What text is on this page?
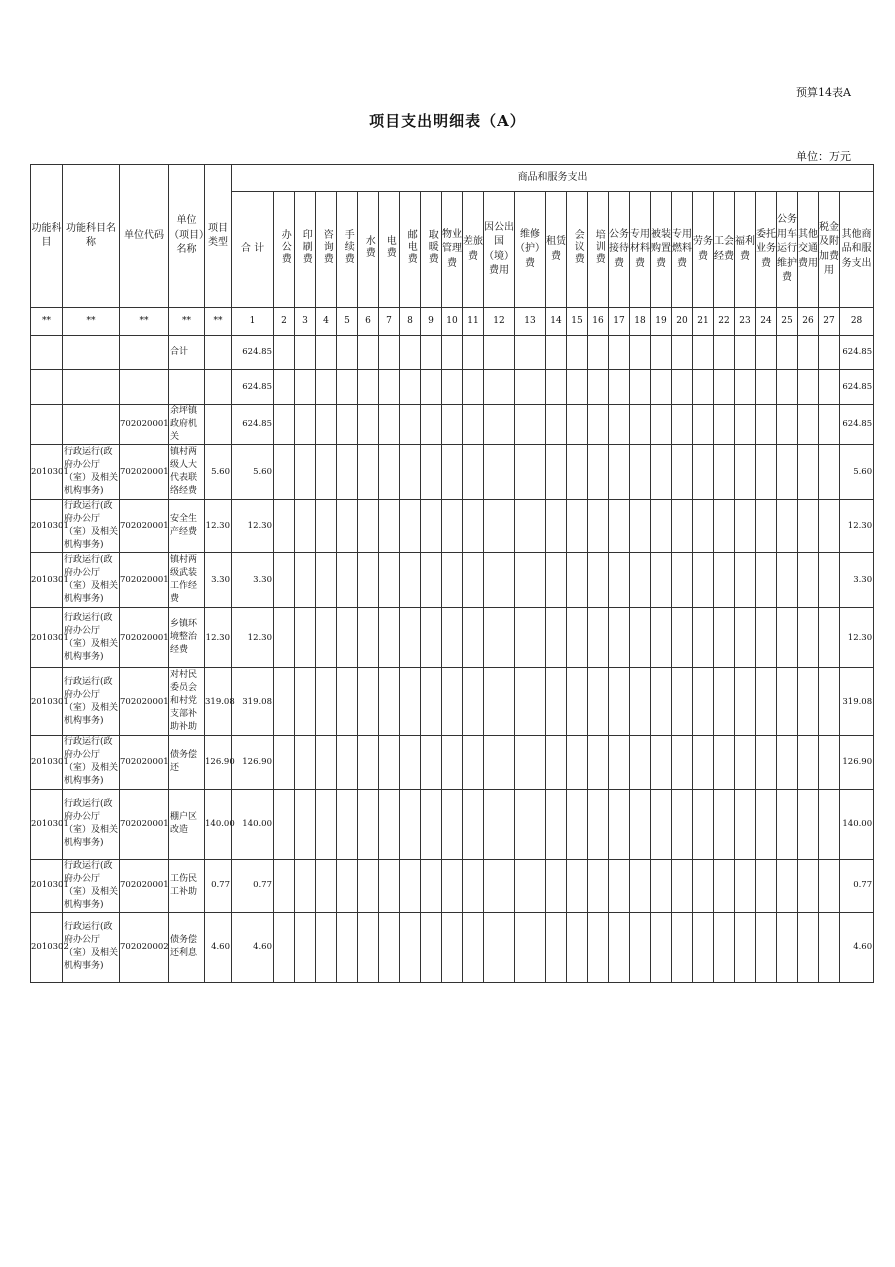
预算14表A
项目支出明细表（A）
单位：万元
功能科目	功能科目名称	单位代码	单位（项目）名称	项目类型	商品和服务支出																											
					合 计	办公费	印刷费	咨询费	手续费	水费	电费	邮电费	取暖费	物业管理费	差旅费	因公出国（境）费用	维修（护）费	租赁费	会议费	培训费	公务接待费	专用材料费	被装购置费	专用燃料费	劳务费	工会经费	福利费	委托业务费	公务用车运行维护费	其他交通费用	税金及附加费用	其他商品和服务支出
**	**	**	**	**	1	2	3	4	5	6	7	8	9	10	11	12	13	14	15	16	17	18	19	20	21	22	23	24	25	26	27	28
			合计		624.85																											624.85
					624.85																											624.85
		702020001	余坪镇政府机关		624.85																											624.85
2010301	行政运行(政府办公厅（室）及相关机构事务)	702020001	镇村两级人大代表联络经费	5.60	5.60																											5.60
2010301	行政运行(政府办公厅（室）及相关机构事务)	702020001	安全生产经费	12.30	12.30																											12.30
2010301	行政运行(政府办公厅（室）及相关机构事务)	702020001	镇村两级武装工作经费	3.30	3.30																											3.30
2010301	行政运行(政府办公厅（室）及相关机构事务)	702020001	乡镇环境整治经费	12.30	12.30																											12.30
2010301	行政运行(政府办公厅（室）及相关机构事务)	702020001	对村民委员会和村党支部补助补助	319.08	319.08																											319.08
2010301	行政运行(政府办公厅（室）及相关机构事务)	702020001	债务偿还	126.90	126.90																											126.90
2010301	行政运行(政府办公厅（室）及相关机构事务)	702020001	棚户区改造	140.00	140.00																											140.00
2010301	行政运行(政府办公厅（室）及相关机构事务)	702020001	工伤民工补助	0.77	0.77																											0.77
2010302	行政运行(政府办公厅（室）及相关机构事务)	702020002	债务偿还利息	4.60	4.60																											4.60
